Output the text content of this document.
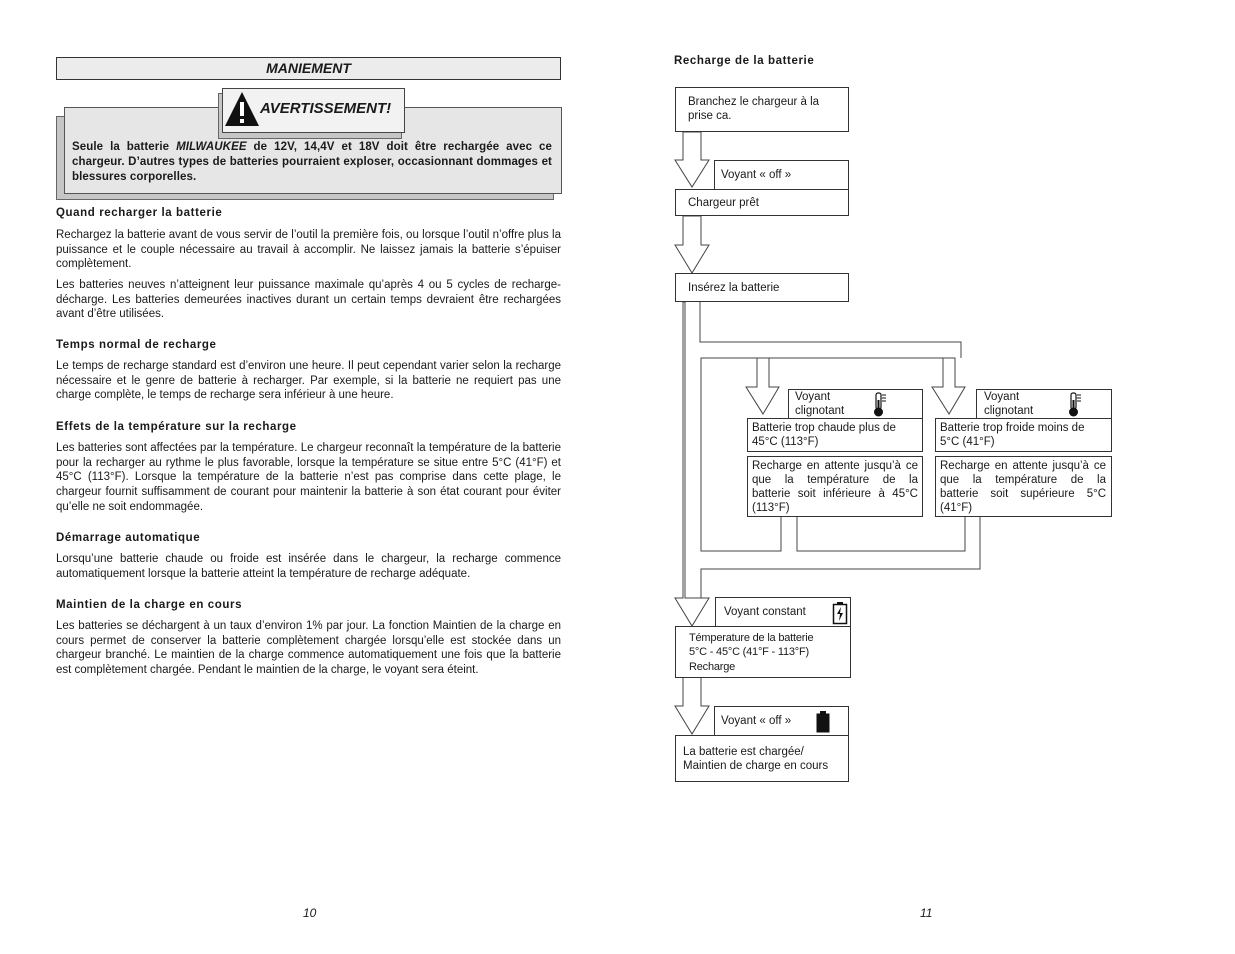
MANIEMENT
Seule la batterie MILWAUKEE de 12V, 14,4V et 18V doit être rechargée avec ce chargeur. D’autres types de batteries pourraient exploser, occasionnant dommages et blessures corporelles.
AVERTISSEMENT!
Quand recharger la batterie
Rechargez la batterie avant de vous servir de l’outil la première fois, ou lorsque l’outil n’offre plus la puissance et le couple nécessaire au travail à accomplir. Ne laissez jamais la batterie s’épuiser complètement.
Les batteries neuves n’atteignent leur puissance maximale qu’après 4 ou 5 cycles de recharge-décharge. Les batteries demeurées inactives durant un certain temps devraient être rechargées avant d’être utilisées.
Temps normal de recharge
Le temps de recharge standard est d’environ une heure. Il peut cependant varier selon la recharge nécessaire et le genre de batterie à recharger. Par exemple, si la batterie ne requiert pas une charge complète, le temps de recharge sera inférieur à une heure.
Effets de la température sur la recharge
Les batteries sont affectées par la température. Le chargeur reconnaît la température de la batterie pour la recharger au rythme le plus favorable, lorsque la température se situe entre 5°C (41°F) et 45°C (113°F). Lorsque la température de la batterie n’est pas comprise dans cette plage, le chargeur fournit suffisamment de courant pour maintenir la batterie à son état courant pour éviter qu’elle ne soit endommagée.
Démarrage automatique
Lorsqu’une batterie chaude ou froide est insérée dans le chargeur, la recharge commence automatiquement lorsque la batterie atteint la température de recharge adéquate.
Maintien de la charge en cours
Les batteries se déchargent à un taux d’environ 1% par jour. La fonction Maintien de la charge en cours permet de conserver la batterie complètement chargée lorsqu’elle est stockée dans un chargeur branché. Le maintien de la charge commence automatiquement une fois que la batterie est complètement chargée. Pendant le maintien de la charge, le voyant sera éteint.
10
Recharge de la batterie
Branchez le chargeur à la prise ca.
Voyant « off »
Chargeur prêt
Insérez la batterie
Voyant clignotant
Batterie trop chaude plus de 45°C (113°F)
Recharge en attente jusqu’à ce que la température de la batterie soit inférieure à 45°C (113°F)
Voyant clignotant
Batterie trop froide moins de 5°C (41°F)
Recharge en attente jusqu’à ce que la température de la batterie soit supérieure 5°C (41°F)
Voyant constant
Témperature de la batterie
5°C - 45°C (41°F - 113°F)
Recharge
Voyant « off »
La batterie est chargée/ Maintien de charge en cours
11
